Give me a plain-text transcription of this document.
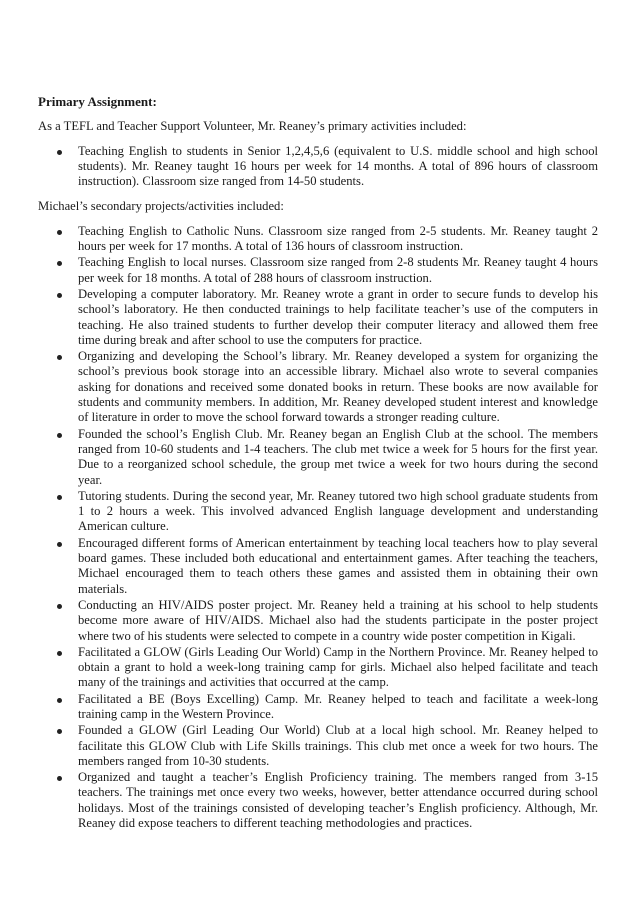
Primary Assignment:

As a TEFL and Teacher Support Volunteer, Mr. Reaney’s primary activities included:

Teaching English to students in Senior 1,2,4,5,6 (equivalent to U.S. middle school and high school students). Mr. Reaney taught 16 hours per week for 14 months. A total of 896 hours of classroom instruction). Classroom size ranged from 14-50 students.

Michael’s secondary projects/activities included:

Teaching English to Catholic Nuns. Classroom size ranged from 2-5 students. Mr. Reaney taught 2 hours per week for 17 months. A total of 136 hours of classroom instruction.
Teaching English to local nurses. Classroom size ranged from 2-8 students Mr. Reaney taught 4 hours per week for 18 months. A total of 288 hours of classroom instruction.
Developing a computer laboratory. Mr. Reaney wrote a grant in order to secure funds to develop his school’s laboratory. He then conducted trainings to help facilitate teacher’s use of the computers in teaching. He also trained students to further develop their computer literacy and allowed them free time during break and after school to use the computers for practice.
Organizing and developing the School’s library. Mr. Reaney developed a system for organizing the school’s previous book storage into an accessible library. Michael also wrote to several companies asking for donations and received some donated books in return. These books are now available for students and community members. In addition, Mr. Reaney developed student interest and knowledge of literature in order to move the school forward towards a stronger reading culture.
Founded the school’s English Club. Mr. Reaney began an English Club at the school. The members ranged from 10-60 students and 1-4 teachers. The club met twice a week for 5 hours for the first year. Due to a reorganized school schedule, the group met twice a week for two hours during the second year.
Tutoring students. During the second year, Mr. Reaney tutored two high school graduate students from 1 to 2 hours a week. This involved advanced English language development and understanding American culture.
Encouraged different forms of American entertainment by teaching local teachers how to play several board games. These included both educational and entertainment games. After teaching the teachers, Michael encouraged them to teach others these games and assisted them in obtaining their own materials.
Conducting an HIV/AIDS poster project. Mr. Reaney held a training at his school to help students become more aware of HIV/AIDS. Michael also had the students participate in the poster project where two of his students were selected to compete in a country wide poster competition in Kigali.
Facilitated a GLOW (Girls Leading Our World) Camp in the Northern Province. Mr. Reaney helped to obtain a grant to hold a week-long training camp for girls. Michael also helped facilitate and teach many of the trainings and activities that occurred at the camp.
Facilitated a BE (Boys Excelling) Camp. Mr. Reaney helped to teach and facilitate a week-long training camp in the Western Province.
Founded a GLOW (Girl Leading Our World) Club at a local high school. Mr. Reaney helped to facilitate this GLOW Club with Life Skills trainings. This club met once a week for two hours. The members ranged from 10-30 students.
Organized and taught a teacher’s English Proficiency training. The members ranged from 3-15 teachers. The trainings met once every two weeks, however, better attendance occurred during school holidays. Most of the trainings consisted of developing teacher’s English proficiency. Although, Mr. Reaney did expose teachers to different teaching methodologies and practices.
